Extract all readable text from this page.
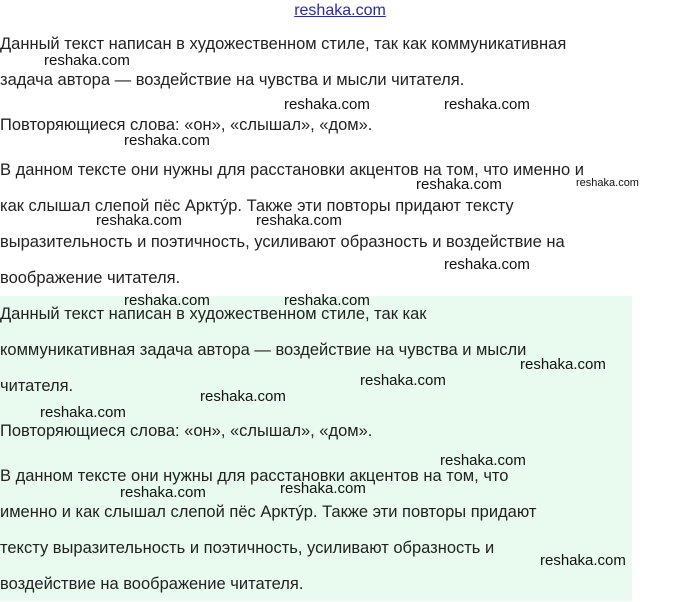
reshaka.com

Данный текст написан в художественном стиле, так как коммуникативная

задача автора — воздействие на чувства и мысли читателя.

Повторяющиеся слова: «он», «слышал», «дом».

В данном тексте они нужны для расстановки акцентов на том, что именно и

как слышал слепой пёс Арктýр. Также эти повторы придают тексту

выразительность и поэтичность, усиливают образность и воздействие на

воображение читателя.

Данный текст написан в художественном стиле, так как

коммуникативная задача автора — воздействие на чувства и мысли

читателя.

Повторяющиеся слова: «он», «слышал», «дом».

В данном тексте они нужны для расстановки акцентов на том, что

именно и как слышал слепой пёс Арктýр. Также эти повторы придают

тексту выразительность и поэтичность, усиливают образность и

воздействие на воображение читателя.

reshaka.com
reshaka.com	reshaka.com
reshaka.com
reshaka.com	reshaka.com
reshaka.com	reshaka.com
reshaka.com
reshaka.com	reshaka.com
reshaka.com
reshaka.com
reshaka.com
reshaka.com
reshaka.com
reshaka.com
reshaka.com
reshaka.com
